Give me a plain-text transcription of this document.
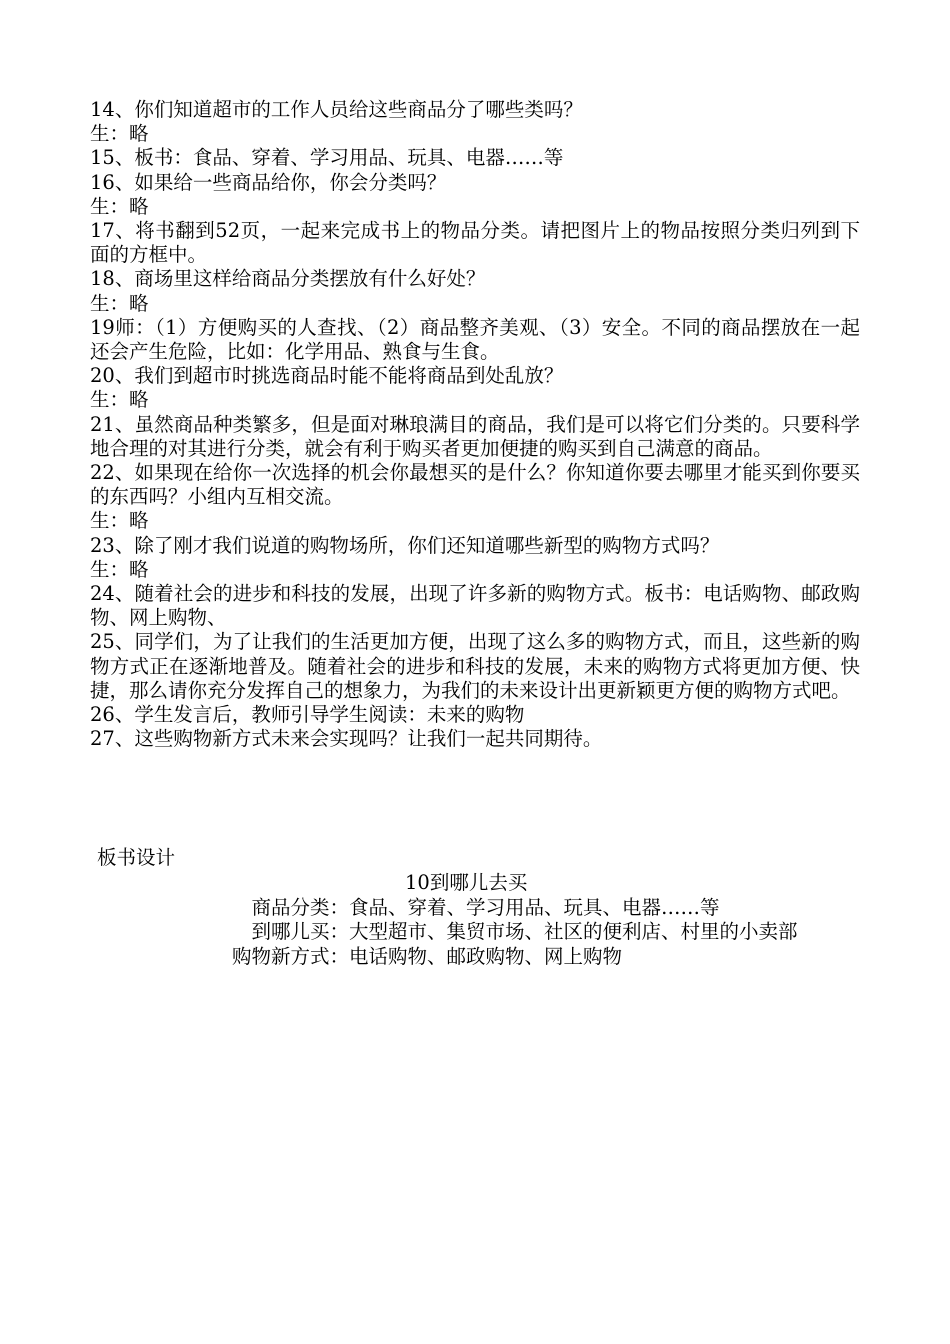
14、你们知道超市的工作人员给这些商品分了哪些类吗？
生：略
15、板书：食品、穿着、学习用品、玩具、电器……等
16、如果给一些商品给你，你会分类吗？
生：略
17、将书翻到52页，一起来完成书上的物品分类。请把图片上的物品按照分类归列到下面的方框中。
18、商场里这样给商品分类摆放有什么好处？
生：略
19师：（1）方便购买的人查找、（2）商品整齐美观、（3）安全。不同的商品摆放在一起还会产生危险，比如：化学用品、熟食与生食。
20、我们到超市时挑选商品时能不能将商品到处乱放？
生：略
21、虽然商品种类繁多，但是面对琳琅满目的商品，我们是可以将它们分类的。只要科学地合理的对其进行分类，就会有利于购买者更加便捷的购买到自己满意的商品。
22、如果现在给你一次选择的机会你最想买的是什么？你知道你要去哪里才能买到你要买的东西吗？小组内互相交流。
生：略
23、除了刚才我们说道的购物场所，你们还知道哪些新型的购物方式吗？
生：略
24、随着社会的进步和科技的发展，出现了许多新的购物方式。板书：电话购物、邮政购物、网上购物、
25、同学们，为了让我们的生活更加方便，出现了这么多的购物方式，而且，这些新的购物方式正在逐渐地普及。随着社会的进步和科技的发展，未来的购物方式将更加方便、快捷，那么请你充分发挥自己的想象力，为我们的未来设计出更新颖更方便的购物方式吧。
26、学生发言后，教师引导学生阅读：未来的购物
27、这些购物新方式未来会实现吗？让我们一起共同期待。
板书设计
10到哪儿去买
商品分类：食品、穿着、学习用品、玩具、电器……等
到哪儿买：大型超市、集贸市场、社区的便利店、村里的小卖部
购物新方式：电话购物、邮政购物、网上购物
